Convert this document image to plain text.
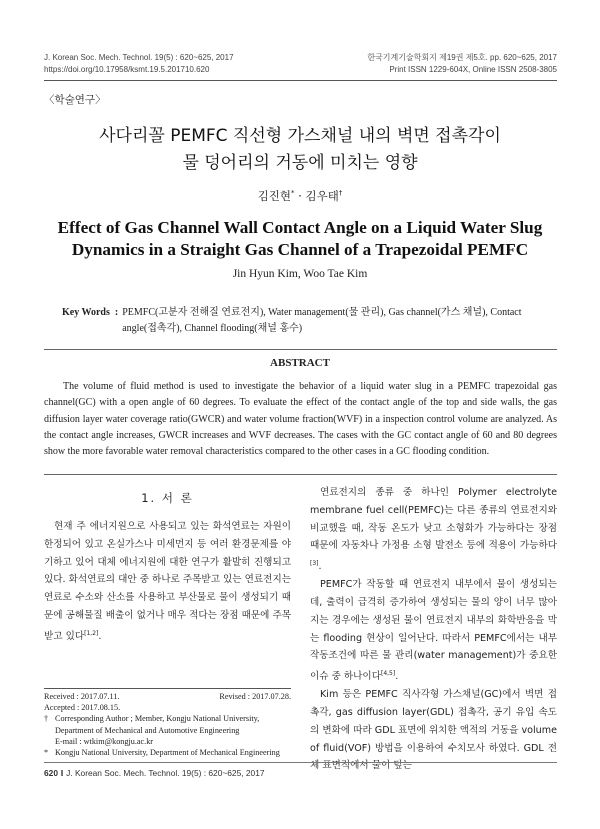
J. Korean Soc. Mech. Technol. 19(5) : 620~625, 2017
https://doi.org/10.17958/ksmt.19.5.201710.620
한국기계기술학회지 제19권 제5호. pp. 620~625, 2017
Print ISSN 1229-604X, Online ISSN 2508-3805
〈학술연구〉
사다리꼴 PEMFC 직선형 가스채널 내의 벽면 접촉각이
물 덩어리의 거동에 미치는 영향
김진현* · 김우태†
Effect of Gas Channel Wall Contact Angle on a Liquid Water Slug
Dynamics in a Straight Gas Channel of a Trapezoidal PEMFC
Jin Hyun Kim, Woo Tae Kim
Key Words : PEMFC(고분자 전해질 연료전지), Water management(물 관리), Gas channel(가스 채널), Contact angle(접촉각), Channel flooding(채널 홍수)
ABSTRACT

The volume of fluid method is used to investigate the behavior of a liquid water slug in a PEMFC trapezoidal gas channel(GC) with a open angle of 60 degrees. To evaluate the effect of the contact angle of the top and side walls, the gas diffusion layer water coverage ratio(GWCR) and water volume fraction(WVF) in a inspection control volume are analyzed. As the contact angle increases, GWCR increases and WVF decreases. The cases with the GC contact angle of 60 and 80 degrees show the more favorable water removal characteristics compared to the other cases in a GC flooding condition.

1. 서 론

현재 주 에너지원으로 사용되고 있는 화석연료는 자원이 한정되어 있고 온실가스나 미세먼지 등 여러 환경문제를 야기하고 있어 대체 에너지원에 대한 연구가 활발히 진행되고 있다. 화석연료의 대안 중 하나로 주목받고 있는 연료전지는 연료로 수소와 산소를 사용하고 부산물로 물이 생성되기 때문에 공해물질 배출이 없거나 매우 적다는 장점 때문에 주목받고 있다[1,2].

연료전지의 종류 중 하나인 Polymer electrolyte membrane fuel cell(PEMFC)는 다른 종류의 연료전지와 비교했을 때, 작동 온도가 낮고 소형화가 가능하다는 장점 때문에 자동차나 가정용 소형 발전소 등에 적용이 가능하다[3].

PEMFC가 작동할 때 연료전지 내부에서 물이 생성되는데, 출력이 급격히 증가하여 생성되는 물의 양이 너무 많아지는 경우에는 생성된 물이 연료전지 내부의 화학반응을 막는 flooding 현상이 일어난다. 따라서 PEMFC에서는 내부 작동조건에 따른 물 관리(water management)가 중요한 이슈 중 하나이다[4,5].

Kim 등은 PEMFC 직사각형 가스채널(GC)에서 벽면 접촉각, gas diffusion layer(GDL) 접촉각, 공기 유입 속도의 변화에 따라 GDL 표면에 위치한 액적의 거동을 volume of fluid(VOF) 방법을 이용하여 수치모사 하였다. GDL 전체 표면적에서 물이 덮는

Received : 2017.07.11.	Revised : 2017.07.28.
Accepted : 2017.08.15.
† Corresponding Author ; Member, Kongju National University, Department of Mechanical and Automotive Engineering
E-mail : wtkim@kongju.ac.kr
* Kongju National University, Department of Mechanical Engineering
620 ‖ J. Korean Soc. Mech. Technol. 19(5) : 620~625, 2017
